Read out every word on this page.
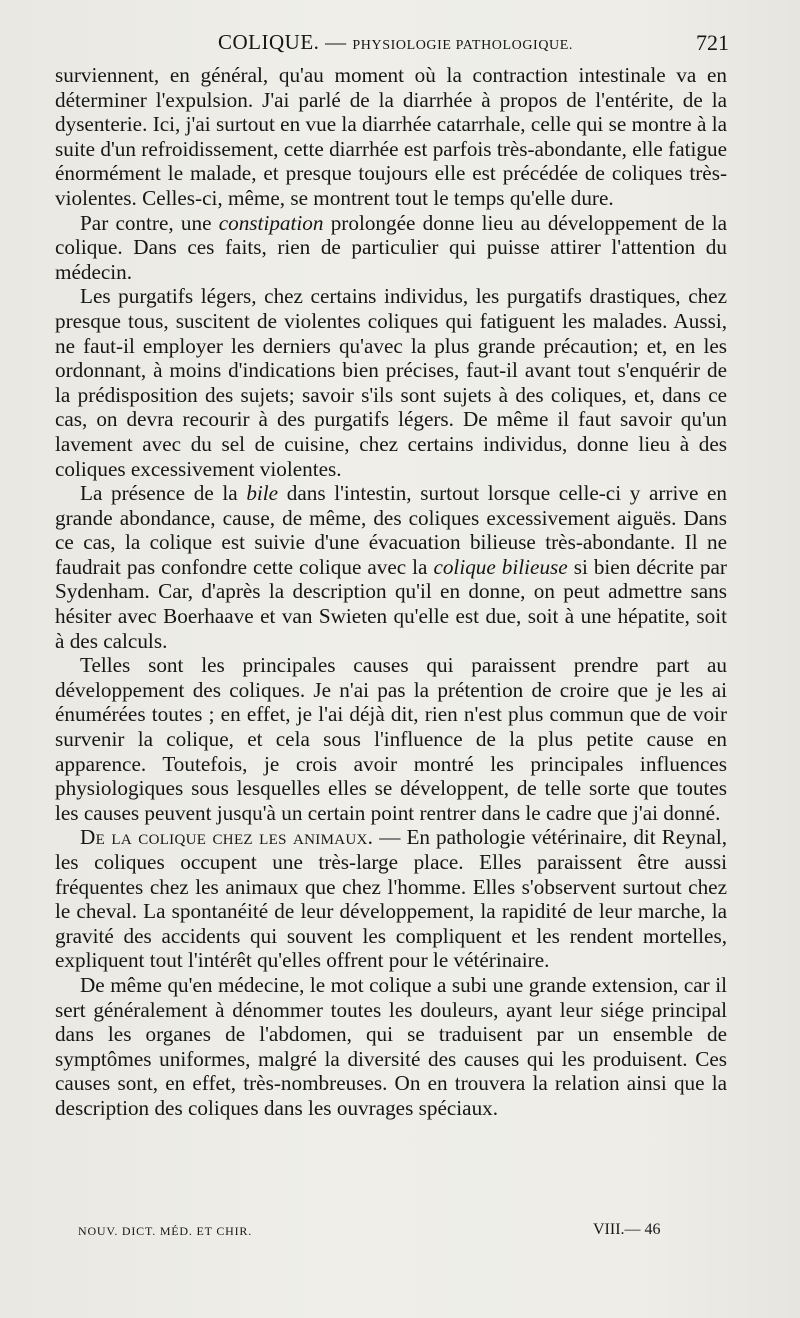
COLIQUE. — PHYSIOLOGIE PATHOLOGIQUE.	721

surviennent, en général, qu'au moment où la contraction intestinale va en déterminer l'expulsion. J'ai parlé de la diarrhée à propos de l'entérite, de la dysenterie. Ici, j'ai surtout en vue la diarrhée catarrhale, celle qui se montre à la suite d'un refroidissement, cette diarrhée est parfois très-abondante, elle fatigue énormément le malade, et presque toujours elle est précédée de coliques très-violentes. Celles-ci, même, se montrent tout le temps qu'elle dure.

Par contre, une constipation prolongée donne lieu au développement de la colique. Dans ces faits, rien de particulier qui puisse attirer l'attention du médecin.

Les purgatifs légers, chez certains individus, les purgatifs drastiques, chez presque tous, suscitent de violentes coliques qui fatiguent les malades. Aussi, ne faut-il employer les derniers qu'avec la plus grande précaution; et, en les ordonnant, à moins d'indications bien précises, faut-il avant tout s'enquérir de la prédisposition des sujets; savoir s'ils sont sujets à des coliques, et, dans ce cas, on devra recourir à des purgatifs légers. De même il faut savoir qu'un lavement avec du sel de cuisine, chez certains individus, donne lieu à des coliques excessivement violentes.

La présence de la bile dans l'intestin, surtout lorsque celle-ci y arrive en grande abondance, cause, de même, des coliques excessivement aiguës. Dans ce cas, la colique est suivie d'une évacuation bilieuse très-abondante. Il ne faudrait pas confondre cette colique avec la colique bilieuse si bien décrite par Sydenham. Car, d'après la description qu'il en donne, on peut admettre sans hésiter avec Boerhaave et van Swieten qu'elle est due, soit à une hépatite, soit à des calculs.

Telles sont les principales causes qui paraissent prendre part au développement des coliques. Je n'ai pas la prétention de croire que je les ai énumérées toutes ; en effet, je l'ai déjà dit, rien n'est plus commun que de voir survenir la colique, et cela sous l'influence de la plus petite cause en apparence. Toutefois, je crois avoir montré les principales influences physiologiques sous lesquelles elles se développent, de telle sorte que toutes les causes peuvent jusqu'à un certain point rentrer dans le cadre que j'ai donné.

De la colique chez les animaux. — En pathologie vétérinaire, dit Reynal, les coliques occupent une très-large place. Elles paraissent être aussi fréquentes chez les animaux que chez l'homme. Elles s'observent surtout chez le cheval. La spontanéité de leur développement, la rapidité de leur marche, la gravité des accidents qui souvent les compliquent et les rendent mortelles, expliquent tout l'intérêt qu'elles offrent pour le vétérinaire.

De même qu'en médecine, le mot colique a subi une grande extension, car il sert généralement à dénommer toutes les douleurs, ayant leur siége principal dans les organes de l'abdomen, qui se traduisent par un ensemble de symptômes uniformes, malgré la diversité des causes qui les produisent. Ces causes sont, en effet, très-nombreuses. On en trouvera la relation ainsi que la description des coliques dans les ouvrages spéciaux.

NOUV. DICT. MÉD. ET CHIR.	VIII.— 46
